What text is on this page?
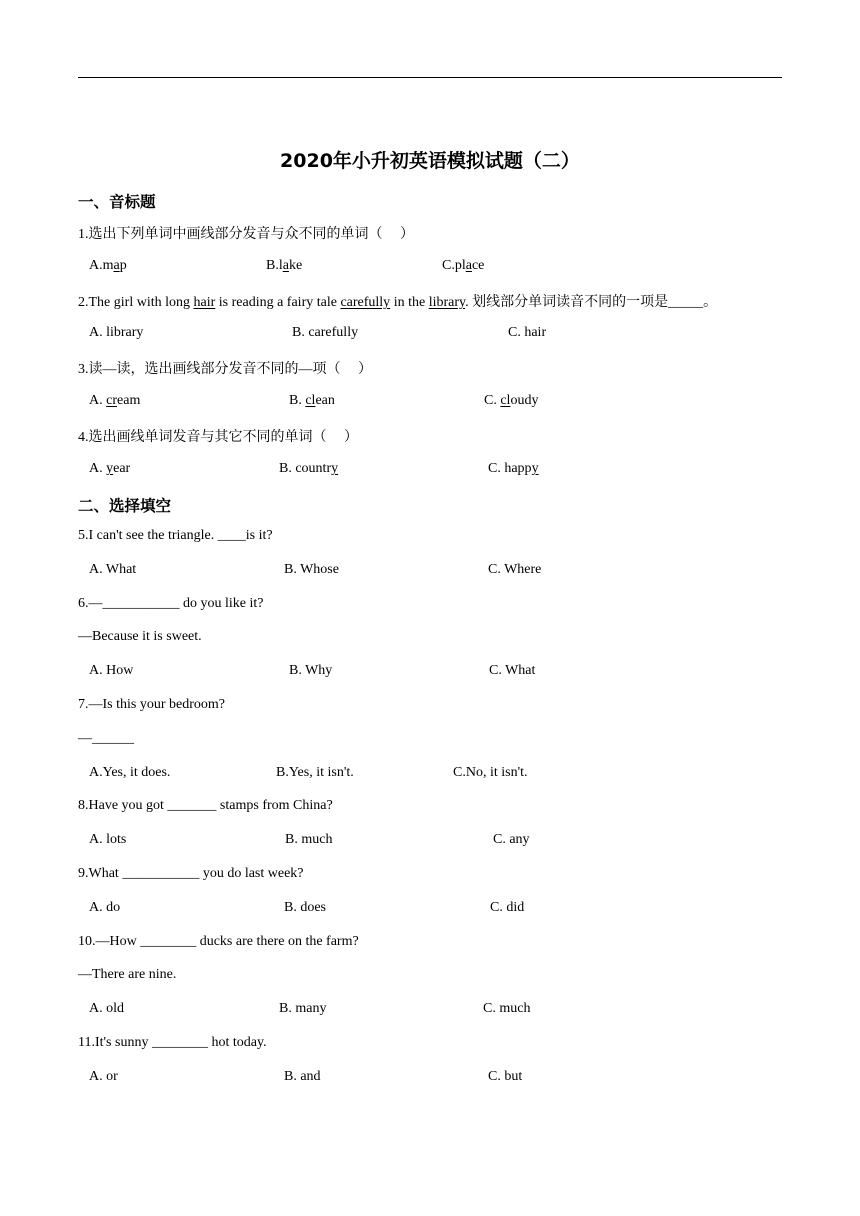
2020年小升初英语模拟试题（二）
一、音标题
1.选出下列单词中画线部分发音与众不同的单词（　 ）
A.map	B.lake	C.place
2.The girl with long hair is reading a fairy tale carefully in the library. 划线部分单词读音不同的一项是_____。
A. library	B. carefully	C. hair
3.读—读，选出画线部分发音不同的—项（　 ）
A. cream	B. clean	C. cloudy
4.选出画线单词发音与其它不同的单词（　 ）
A. year	B. country	C. happy
二、选择填空
5.I can't see the triangle. ____is it?
A. What	B. Whose	C. Where
6.—___________ do you like it?
—Because it is sweet.
A. How	B. Why	C. What
7.—Is this your bedroom?
—______
A.Yes, it does.	B.Yes, it isn't.	C.No, it isn't.
8.Have you got _______ stamps from China?
A. lots	B. much	C. any
9.What ___________ you do last week?
A. do	B. does	C. did
10.—How ________ ducks are there on the farm?
—There are nine.
A. old	B. many	C. much
11.It's sunny ________ hot today.
A. or	B. and	C. but
